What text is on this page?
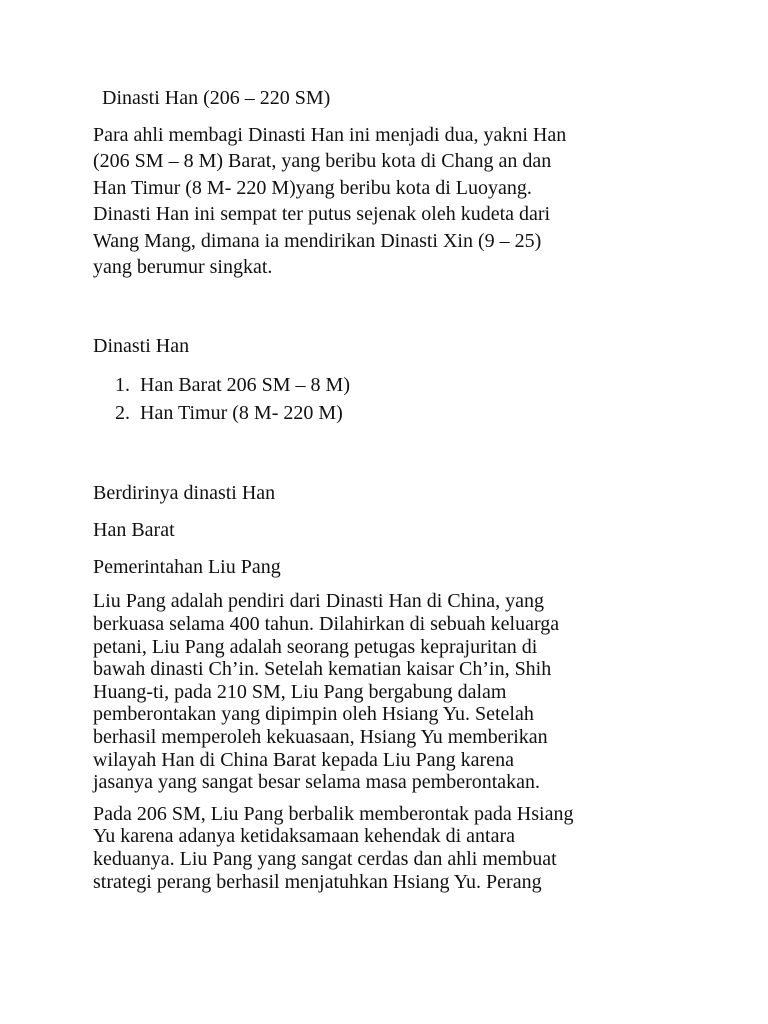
Dinasti Han (206 – 220 SM)

Para ahli membagi Dinasti Han ini menjadi dua, yakni Han
(206 SM – 8 M) Barat, yang beribu kota di Chang an dan
Han Timur (8 M- 220 M)yang beribu kota di Luoyang.
Dinasti Han ini sempat ter putus sejenak oleh kudeta dari
Wang Mang, dimana ia mendirikan Dinasti Xin (9 – 25)
yang berumur singkat.

Dinasti Han
1. Han Barat 206 SM – 8 M)
2. Han Timur (8 M- 220 M)
Berdirinya dinasti Han
Han Barat
Pemerintahan Liu Pang

Liu Pang adalah pendiri dari Dinasti Han di China, yang
berkuasa selama 400 tahun. Dilahirkan di sebuah keluarga
petani, Liu Pang adalah seorang petugas keprajuritan di
bawah dinasti Ch’in. Setelah kematian kaisar Ch’in, Shih
Huang-ti, pada 210 SM, Liu Pang bergabung dalam
pemberontakan yang dipimpin oleh Hsiang Yu. Setelah
berhasil memperoleh kekuasaan, Hsiang Yu memberikan
wilayah Han di China Barat kepada Liu Pang karena
jasanya yang sangat besar selama masa pemberontakan.

Pada 206 SM, Liu Pang berbalik memberontak pada Hsiang
Yu karena adanya ketidaksamaan kehendak di antara
keduanya. Liu Pang yang sangat cerdas dan ahli membuat
strategi perang berhasil menjatuhkan Hsiang Yu. Perang
